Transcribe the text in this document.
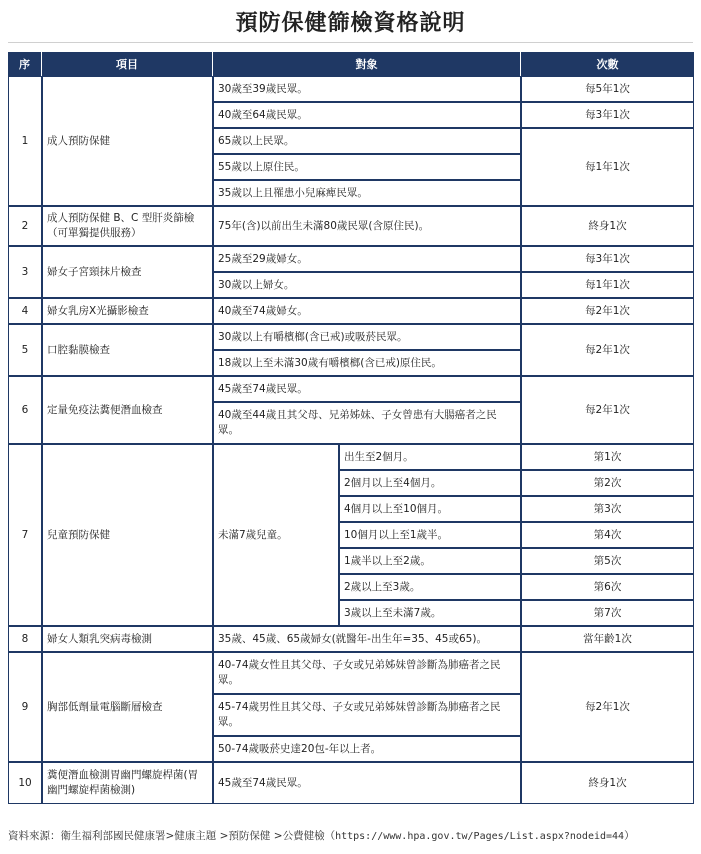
預防保健篩檢資格說明
序	項目	對象		次數
1	成人預防保健	30歲至39歲民眾。		每5年1次
		40歲至64歲民眾。		每3年1次
		65歲以上民眾。		每1年1次
		55歲以上原住民。		
		35歲以上且罹患小兒麻痺民眾。		
2	成人預防保健 B、C 型肝炎篩檢（可單獨提供服務）	75年(含)以前出生未滿80歲民眾(含原住民)。		終身1次
3	婦女子宮頸抹片檢查	25歲至29歲婦女。		每3年1次
		30歲以上婦女。		每1年1次
4	婦女乳房X光攝影檢查	40歲至74歲婦女。		每2年1次
5	口腔黏膜檢查	30歲以上有嚼檳榔(含已戒)或吸菸民眾。		每2年1次
		18歲以上至未滿30歲有嚼檳榔(含已戒)原住民。		
6	定量免疫法糞便潛血檢查	45歲至74歲民眾。		每2年1次
		40歲至44歲且其父母、兄弟姊妹、子女曾患有大腸癌者之民眾。		
7	兒童預防保健	未滿7歲兒童。	出生至2個月。	第1次
			2個月以上至4個月。	第2次
			4個月以上至10個月。	第3次
			10個月以上至1歲半。	第4次
			1歲半以上至2歲。	第5次
			2歲以上至3歲。	第6次
			3歲以上至未滿7歲。	第7次
8	婦女人類乳突病毒檢測	35歲、45歲、65歲婦女(就醫年-出生年=35、45或65)。		當年齡1次
9	胸部低劑量電腦斷層檢查	40-74歲女性且其父母、子女或兄弟姊妹曾診斷為肺癌者之民眾。		每2年1次
		45-74歲男性且其父母、子女或兄弟姊妹曾診斷為肺癌者之民眾。		
		50-74歲吸菸史達20包-年以上者。		
10	糞便潛血檢測胃幽門螺旋桿菌(胃幽門螺旋桿菌檢測)	45歲至74歲民眾。		終身1次
資料來源：衛生福利部國民健康署>健康主題 >預防保健 >公費健檢（https://www.hpa.gov.tw/Pages/List.aspx?nodeid=44）
